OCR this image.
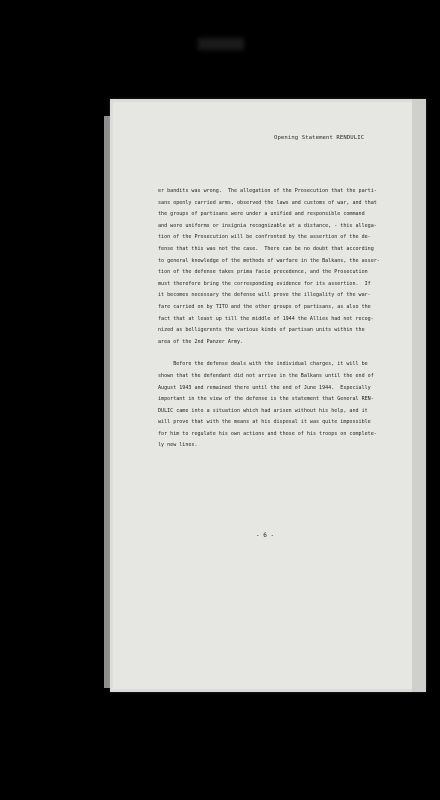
Opening Statement RENDULIC

er bandits was wrong.  The allegation of the Prosecution that the parti-
sans openly carried arms, observed the laws and customs of war, and that
the groups of partisans were under a unified and responsible command
and wore uniforms or insignia recognizable at a distance, - this allega-
tion of the Prosecution will be confronted by the assertion of the de-
fense that this was not the case.  There can be no doubt that according
to general knowledge of the methods of warfare in the Balkans, the asser-
tion of the defense takes prima facie precedence, and the Prosecution
must therefore bring the corresponding evidence for its assertion.  If
it becomes necessary the defense will prove the illegality of the war-
fare carried on by TITO and the other groups of partisans, as also the
fact that at least up till the middle of 1944 the Allies had not recog-
nized as belligerents the various kinds of partisan units within the
area of the 2nd Panzer Army.

Before the defense deals with the individual charges, it will be
shown that the defendant did not arrive in the Balkans until the end of
August 1943 and remained there until the end of June 1944.  Especially
important in the view of the defense is the statement that General REN-
DULIC came into a situation which had arisen without his help, and it
will prove that with the means at his disposal it was quite impossible
for him to regulate his own actions and those of his troops on complete-
ly new lines.

- 6 -
